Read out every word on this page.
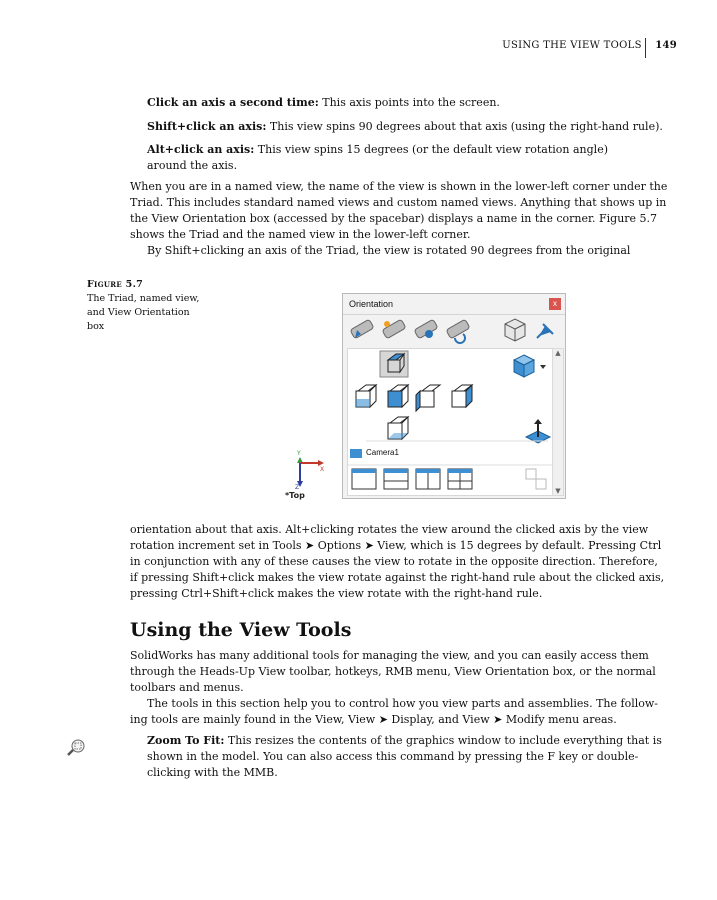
USING THE VIEW TOOLS 149

Click an axis a second time: This axis points into the screen.

Shift+click an axis: This view spins 90 degrees about that axis (using the right-hand rule).

Alt+click an axis: This view spins 15 degrees (or the default view rotation angle)
around the axis.

When you are in a named view, the name of the view is shown in the lower-left corner under the

Triad. This includes standard named views and custom named views. Anything that shows up in

the View Orientation box (accessed by the spacebar) displays a name in the corner. Figure 5.7

shows the Triad and the named view in the lower-left corner.

By Shift+clicking an axis of the Triad, the view is rotated 90 degrees from the original

Figure 5.7

The Triad, named view,

and View Orientation

box

Orientation	x
Camera1
▲
▼
Y
X
Z
*Top

orientation about that axis. Alt+clicking rotates the view around the clicked axis by the view

rotation increment set in Tools ➤ Options ➤ View, which is 15 degrees by default. Pressing Ctrl

in conjunction with any of these causes the view to rotate in the opposite direction. Therefore,

if pressing Shift+click makes the view rotate against the right-hand rule about the clicked axis,

pressing Ctrl+Shift+click makes the view rotate with the right-hand rule.

Using the View Tools

SolidWorks has many additional tools for managing the view, and you can easily access them

through the Heads-Up View toolbar, hotkeys, RMB menu, View Orientation box, or the normal

toolbars and menus.

The tools in this section help you to control how you view parts and assemblies. The follow-

ing tools are mainly found in the View, View ➤ Display, and View ➤ Modify menu areas.

Zoom To Fit: This resizes the contents of the graphics window to include everything that is

shown in the model. You can also access this command by pressing the F key or double-

clicking with the MMB.
